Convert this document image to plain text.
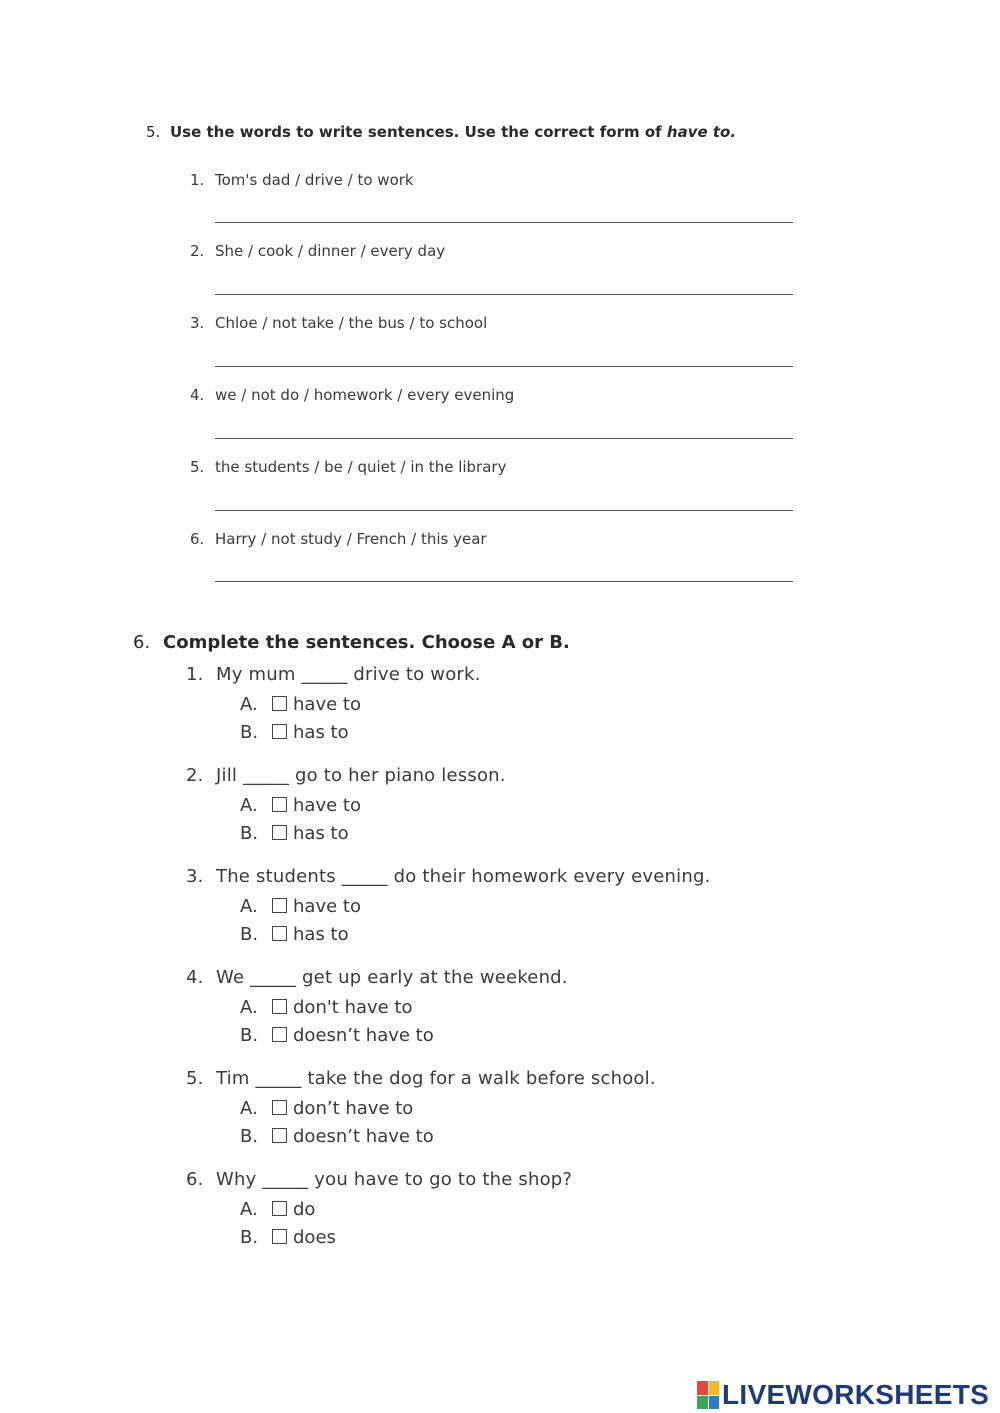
5. Use the words to write sentences. Use the correct form of have to.
1. Tom's dad / drive / to work
2. She / cook / dinner / every day
3. Chloe / not take / the bus / to school
4. we / not do / homework / every evening
5. the students / be / quiet / in the library
6. Harry / not study / French / this year
6. Complete the sentences. Choose A or B.
1. My mum _____ drive to work.
A.	have to
B.	has to
2. Jill _____ go to her piano lesson.
A.	have to
B.	has to
3. The students _____ do their homework every evening.
A.	have to
B.	has to
4. We _____ get up early at the weekend.
A.	don't have to
B.	doesn’t have to
5. Tim _____ take the dog for a walk before school.
A.	don’t have to
B.	doesn’t have to
6. Why _____ you have to go to the shop?
A.	do
B.	does
LIVEWORKSHEETS
